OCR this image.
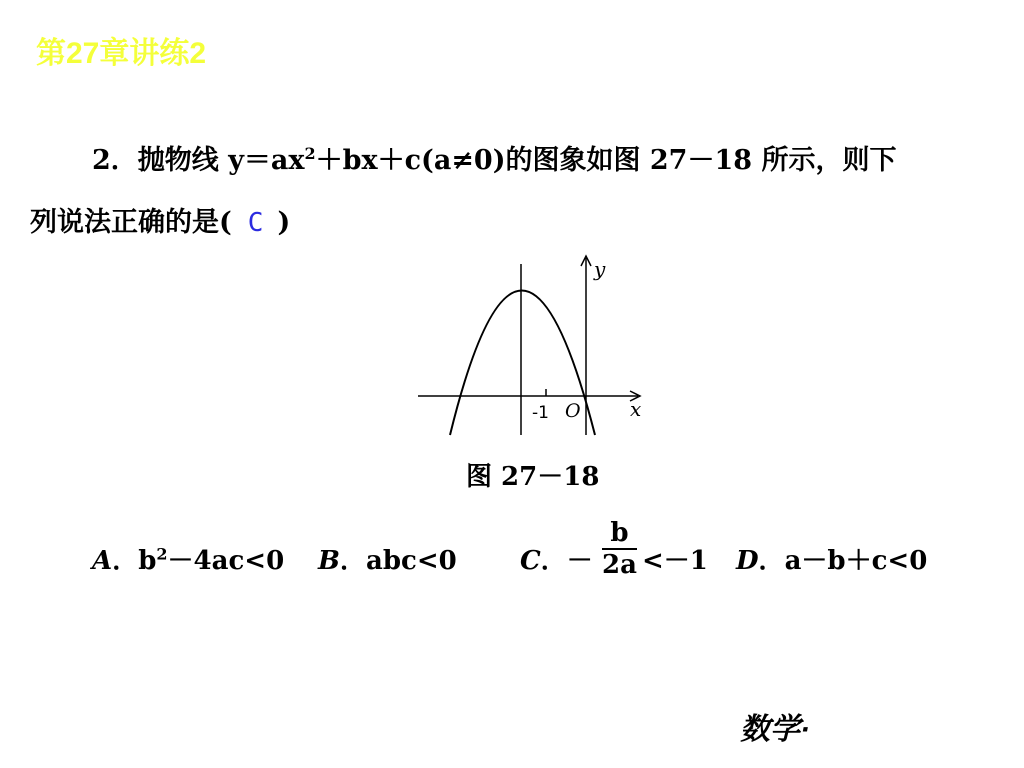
第27章讲练2
2．抛物线 $y=ax^2+bx+c(a\ne 0)$的图象如图 27－18 所示，则下
列说法正确的是( C )
y
x
O
-1
图 27－18
A．$b^2-4ac<0$ B．abc<0 C．－ $\frac{b}{2a} <-1$ D．a－b＋c<0
数学·
